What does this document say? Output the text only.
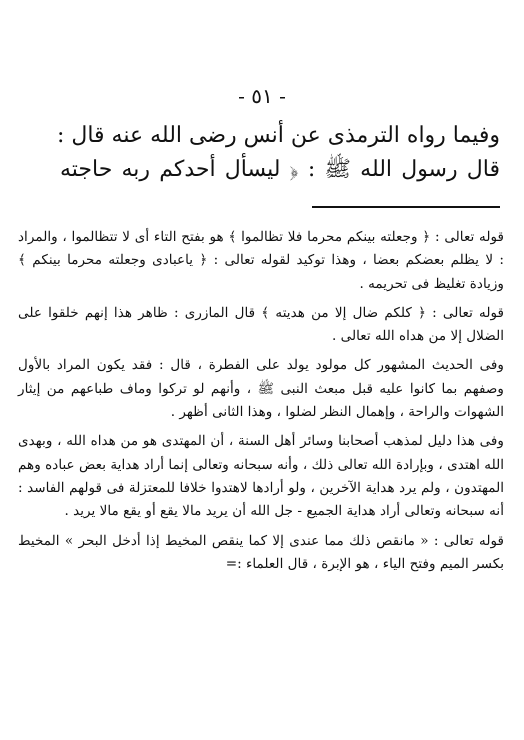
- ٥١ -
وفيما رواه الترمذى عن أنس رضى الله عنه قال :
قال رسول الله ﷺ : ﴿ ليسأل أحدكم ربه حاجته

قوله تعالى : ﴿ وجعلته بينكم محرما فلا تظالموا ﴾ هو بفتح التاء أى لا تتظالموا ، والمراد : لا يظلم بعضكم بعضا ، وهذا توكيد لقوله تعالى : ﴿ ياعبادى وجعلته محرما بينكم ﴾ وزيادة تغليظ فى تحريمه .

قوله تعالى : ﴿ كلكم ضال إلا من هديته ﴾ قال المازرى : ظاهر هذا إنهم خلقوا على الضلال إلا من هداه الله تعالى .

وفى الحديث المشهور كل مولود يولد على الفطرة ، قال : فقد يكون المراد بالأول وصفهم بما كانوا عليه قبل مبعث النبى ﷺ ، وأنهم لو تركوا وماف طباعهم من إيثار الشهوات والراحة ، وإهمال النظر لضلوا ، وهذا الثانى أظهر .

وفى هذا دليل لمذهب أصحابنا وسائر أهل السنة ، أن المهتدى هو من هداه الله ، وبهدى الله اهتدى ، وبإرادة الله تعالى ذلك ، وأنه سبحانه وتعالى إنما أراد هداية بعض عباده وهم المهتدون ، ولم يرد هداية الآخرين ، ولو أرادها لاهتدوا خلافا للمعتزلة فى قولهم الفاسد : أنه سبحانه وتعالى أراد هداية الجميع - جل الله أن يريد مالا يقع أو يقع مالا يريد .

قوله تعالى : « مانقص ذلك مما عندى إلا كما ينقص المخيط إذا أدخل البحر » المخيط بكسر الميم وفتح الياء ، هو الإبرة ، قال العلماء :=
